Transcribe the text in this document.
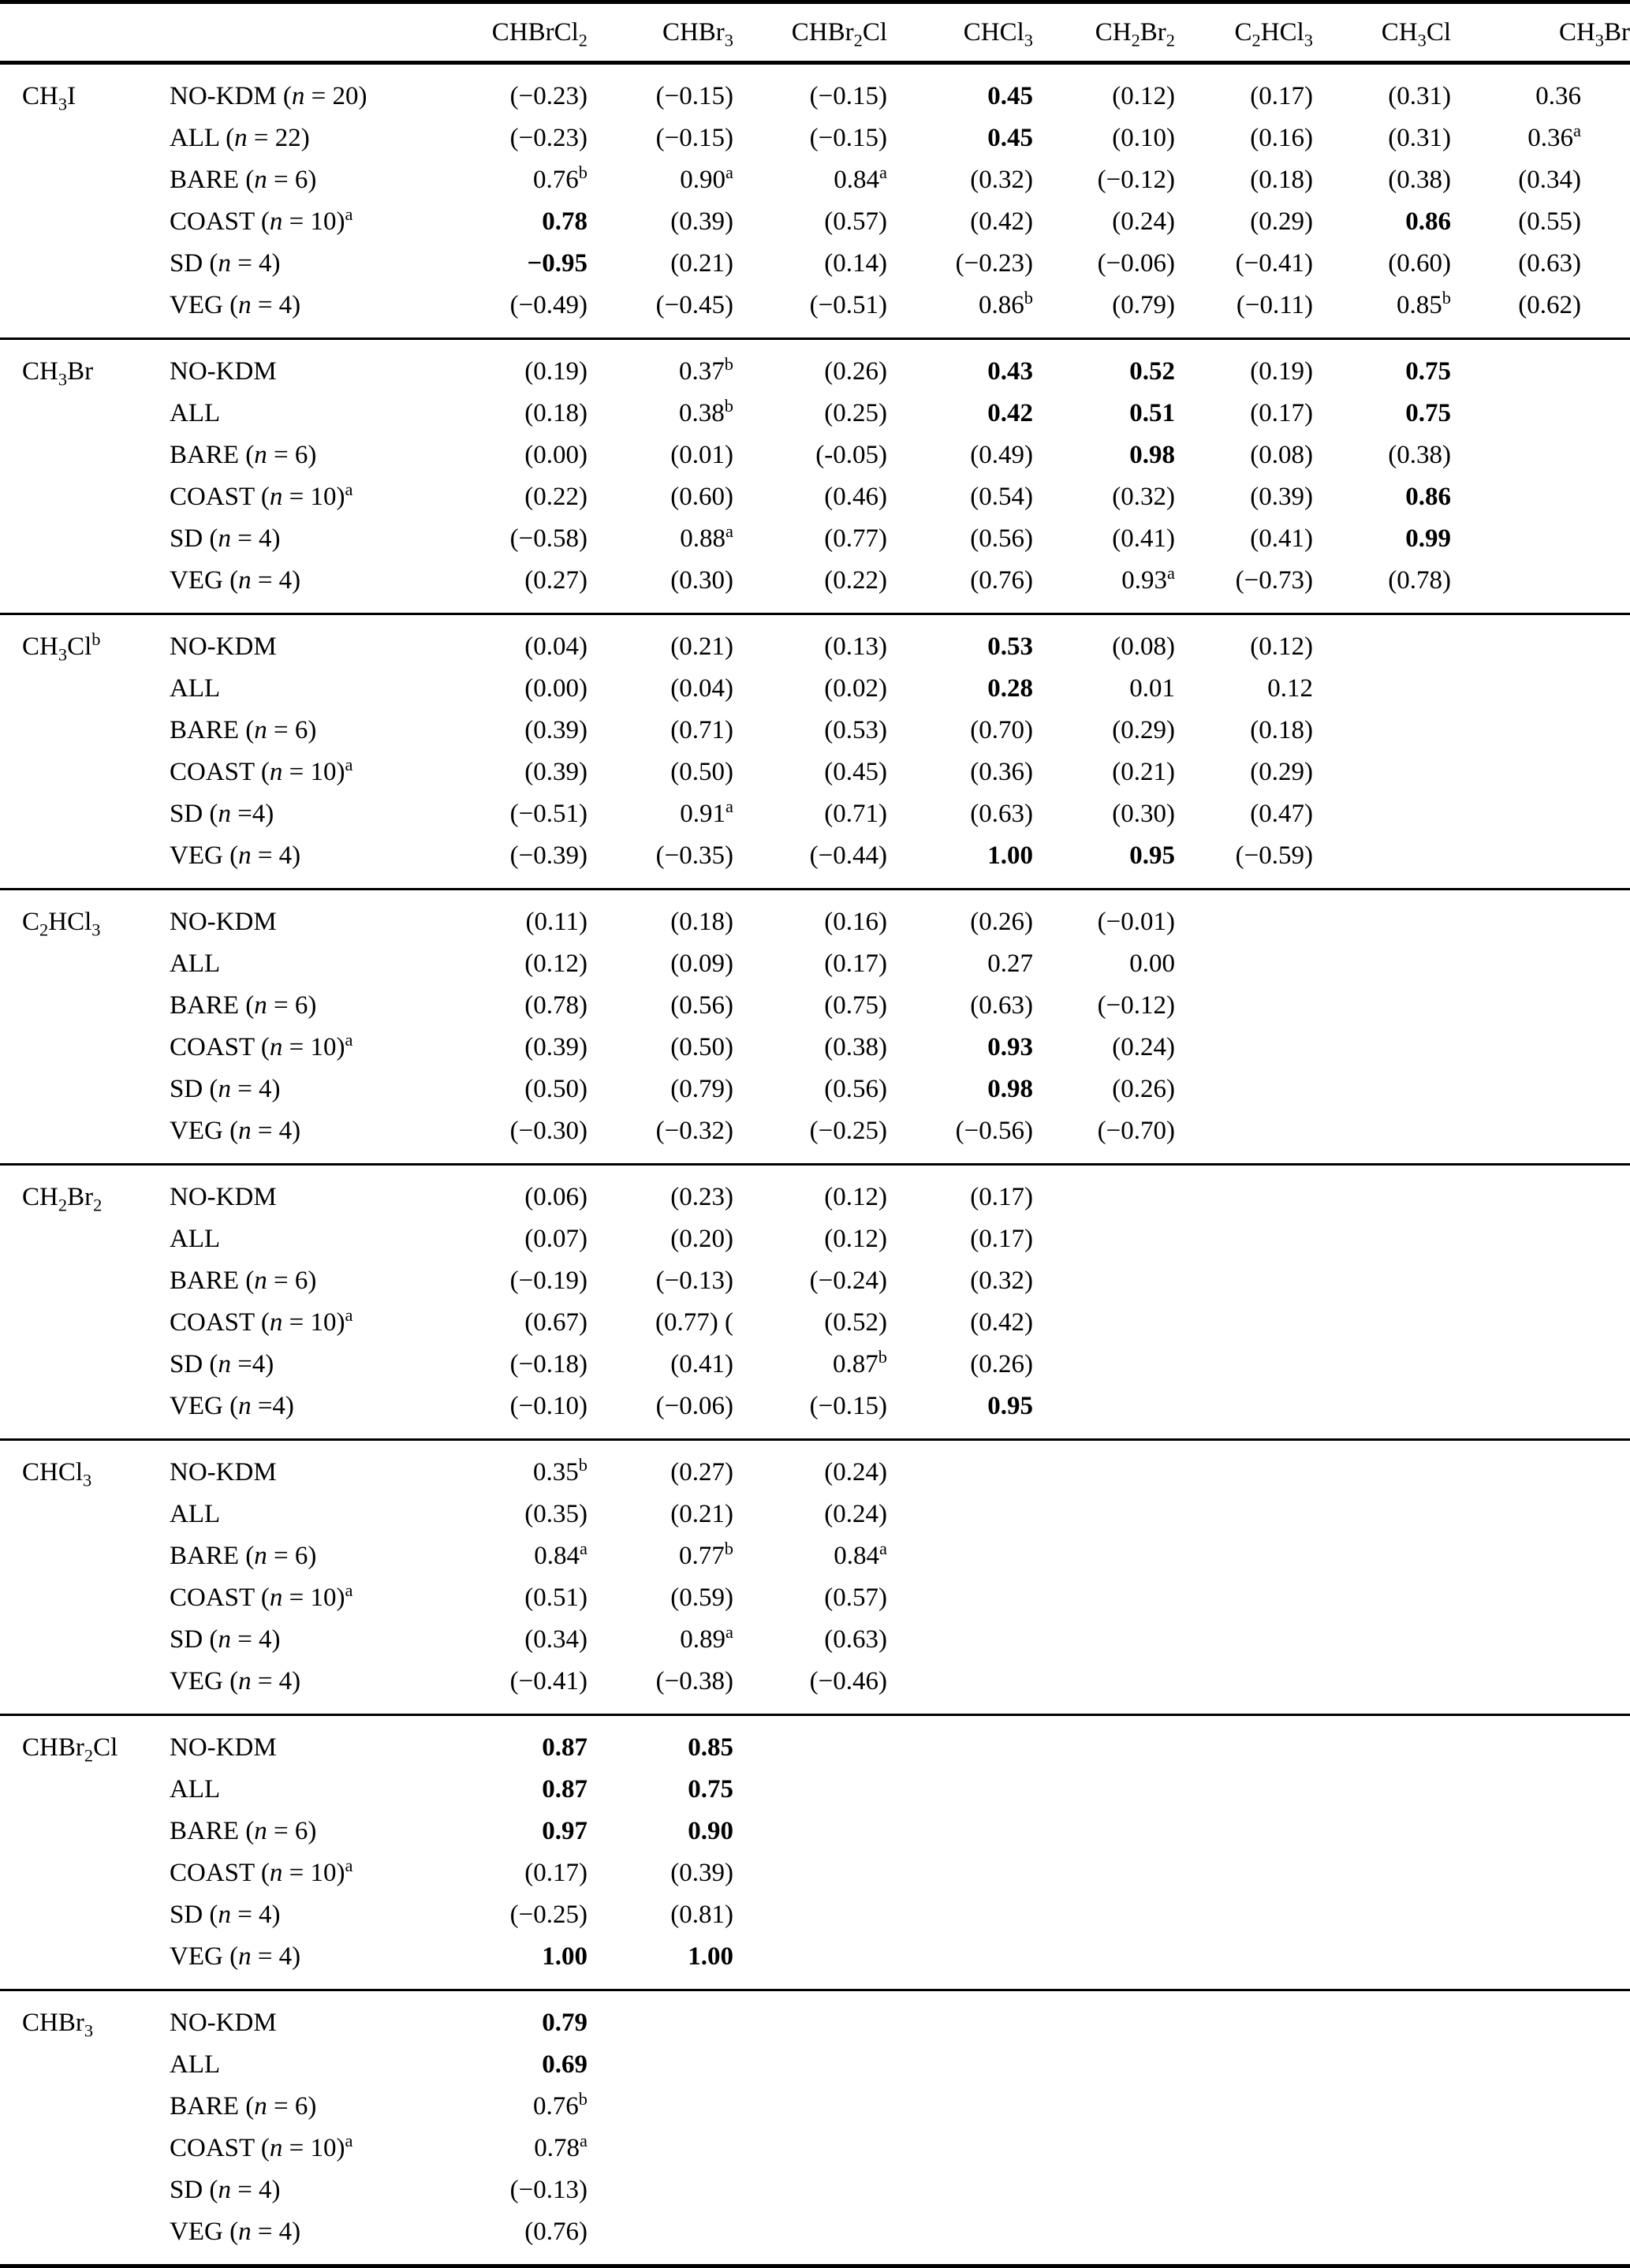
		CHBrCl$_2$	CHBr$_3$	CHBr$_2$Cl	CHCl$_3$	$CH_2Br_2$	$C_2HCl_3$	$CH_3Cl$	$CH_3Br$
$CH_3I$	NO-KDM (n = 20)	(−0.23)	(−0.15)	(−0.15)	0.45	(0.12)	(0.17)	(0.31)	0.36
	ALL (n = 22)	(−0.23)	(−0.15)	(−0.15)	0.45	(0.10)	(0.16)	(0.31)	0.36$^a$
	BARE (n = 6)	0.76$^b$	0.90$^a$	0.84$^a$	(0.32)	(−0.12)	(0.18)	(0.38)	(0.34)
	COAST (n = 10)$^a$	0.78	(0.39)	(0.57)	(0.42)	(0.24)	(0.29)	0.86	(0.55)
	SD (n = 4)	−0.95	(0.21)	(0.14)	(−0.23)	(−0.06)	(−0.41)	(0.60)	(0.63)
	VEG (n = 4)	(−0.49)	(−0.45)	(−0.51)	0.86$^b$	(0.79)	(−0.11)	0.85$^b$	(0.62)
$CH_3Br$	NO-KDM	(0.19)	0.37$^b$	(0.26)	0.43	0.52	(0.19)	0.75	
	ALL	(0.18)	0.38$^b$	(0.25)	0.42	0.51	(0.17)	0.75	
	BARE (n = 6)	(0.00)	(0.01)	(-0.05)	(0.49)	0.98	(0.08)	(0.38)	
	COAST (n = 10)$^a$	(0.22)	(0.60)	(0.46)	(0.54)	(0.32)	(0.39)	0.86	
	SD (n = 4)	(−0.58)	0.88$^a$	(0.77)	(0.56)	(0.41)	(0.41)	0.99	
	VEG (n = 4)	(0.27)	(0.30)	(0.22)	(0.76)	0.93$^a$	(−0.73)	(0.78)	
$CH_3Cl^b$	NO-KDM	(0.04)	(0.21)	(0.13)	0.53	(0.08)	(0.12)		
	ALL	(0.00)	(0.04)	(0.02)	0.28	0.01	0.12		
	BARE (n = 6)	(0.39)	(0.71)	(0.53)	(0.70)	(0.29)	(0.18)		
	COAST (n = 10)$^a$	(0.39)	(0.50)	(0.45)	(0.36)	(0.21)	(0.29)		
	SD (n =4)	(−0.51)	0.91$^a$	(0.71)	(0.63)	(0.30)	(0.47)		
	VEG (n = 4)	(−0.39)	(−0.35)	(−0.44)	1.00	0.95	(−0.59)		
$C_2HCl_3$	NO-KDM	(0.11)	(0.18)	(0.16)	(0.26)	(−0.01)			
	ALL	(0.12)	(0.09)	(0.17)	0.27	0.00			
	BARE (n = 6)	(0.78)	(0.56)	(0.75)	(0.63)	(−0.12)			
	COAST (n = 10)$^a$	(0.39)	(0.50)	(0.38)	0.93	(0.24)			
	SD (n = 4)	(0.50)	(0.79)	(0.56)	0.98	(0.26)			
	VEG (n = 4)	(−0.30)	(−0.32)	(−0.25)	(−0.56)	(−0.70)			
$CH_2Br_2$	NO-KDM	(0.06)	(0.23)	(0.12)	(0.17)				
	ALL	(0.07)	(0.20)	(0.12)	(0.17)				
	BARE (n = 6)	(−0.19)	(−0.13)	(−0.24)	(0.32)				
	COAST (n = 10)$^a$	(0.67)	(0.77) (	(0.52)	(0.42)				
	SD (n =4)	(−0.18)	(0.41)	0.87$^b$	(0.26)				
	VEG (n =4)	(−0.10)	(−0.06)	(−0.15)	0.95				
CHCl$_3$	NO-KDM	0.35$^b$	(0.27)	(0.24)					
	ALL	(0.35)	(0.21)	(0.24)					
	BARE (n = 6)	0.84$^a$	0.77$^b$	0.84$^a$					
	COAST (n = 10)$^a$	(0.51)	(0.59)	(0.57)					
	SD (n = 4)	(0.34)	0.89$^a$	(0.63)					
	VEG (n = 4)	(−0.41)	(−0.38)	(−0.46)					
CHBr$_2$Cl	NO-KDM	0.87	0.85						
	ALL	0.87	0.75						
	BARE (n = 6)	0.97	0.90						
	COAST (n = 10)$^a$	(0.17)	(0.39)						
	SD (n = 4)	(−0.25)	(0.81)						
	VEG (n = 4)	1.00	1.00						
CHBr$_3$	NO-KDM	0.79							
	ALL	0.69							
	BARE (n = 6)	0.76$^b$							
	COAST (n = 10)$^a$	0.78$^a$							
	SD (n = 4)	(−0.13)							
	VEG (n = 4)	(0.76)							
